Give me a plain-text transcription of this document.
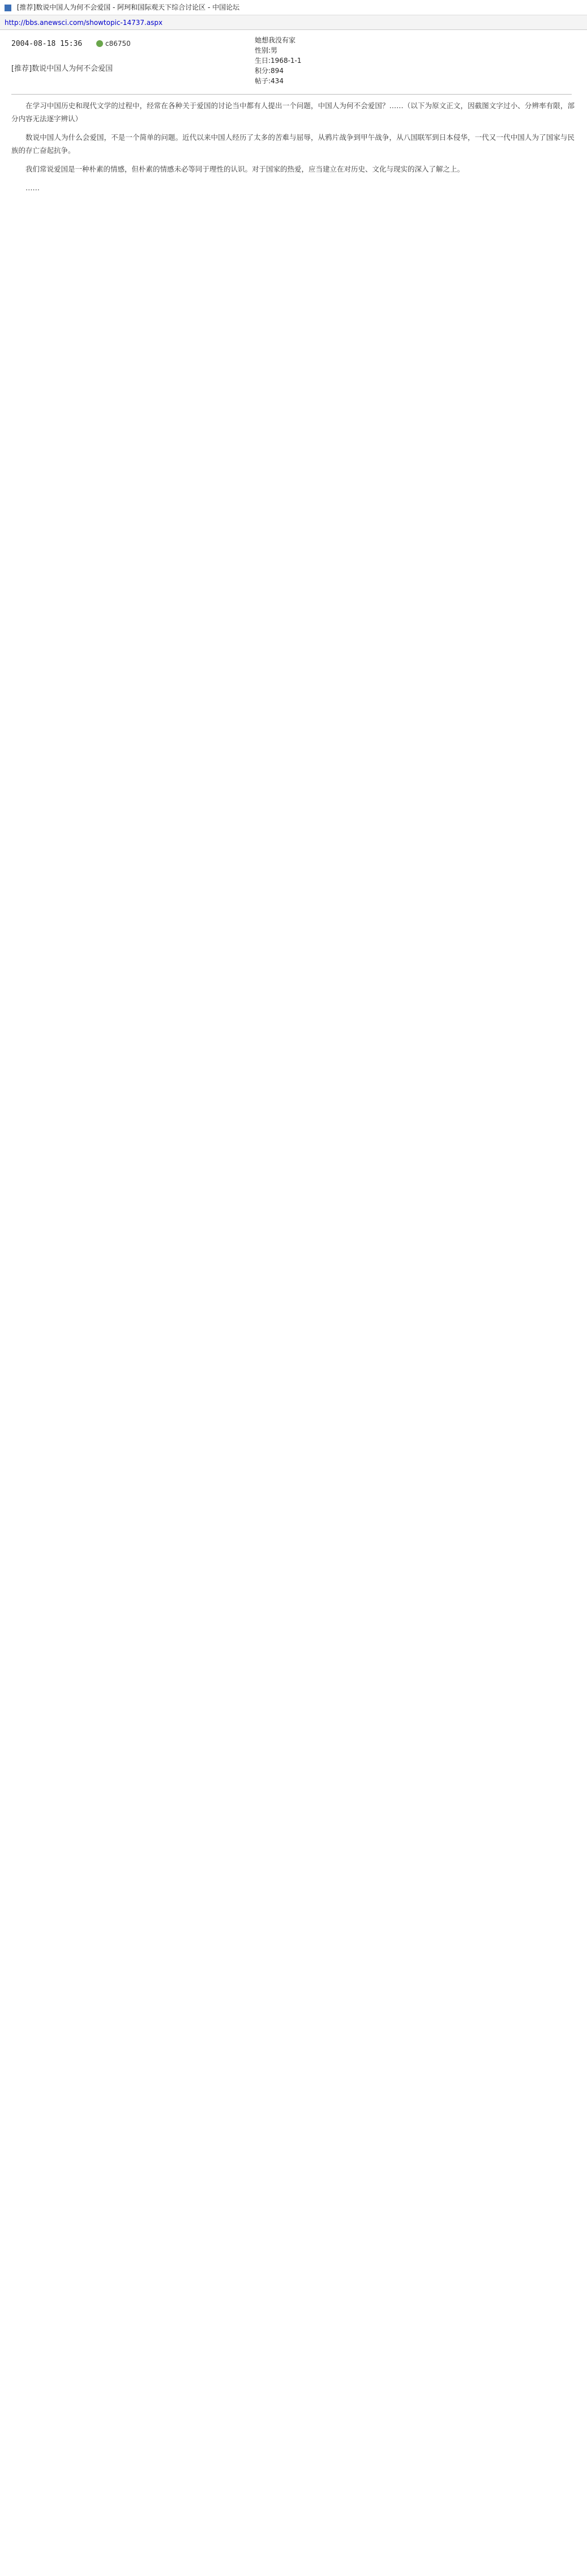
[推荐]数说中国人为何不会爱国 - 阿珂和国际观天下综合讨论区 - 中国论坛
http://bbs.anewsci.com/showtopic-14737.aspx
2004-08-18 15:36	c86750	她想我没有家
性别:男
生日:1968-1-1
积分:894
帖子:434
[推荐]数说中国人为何不会爱国

在学习中国历史和现代文学的过程中，经常在各种关于爱国的讨论当中都有人提出一个问题，中国人为何不会爱国？……（以下为原文正文，因截图文字过小、分辨率有限，部分内容无法逐字辨认）

数说中国人为什么会爱国，不是一个简单的问题。近代以来中国人经历了太多的苦难与屈辱，从鸦片战争到甲午战争，从八国联军到日本侵华，一代又一代中国人为了国家与民族的存亡奋起抗争。

我们常说爱国是一种朴素的情感，但朴素的情感未必等同于理性的认识。对于国家的热爱，应当建立在对历史、文化与现实的深入了解之上。

……
